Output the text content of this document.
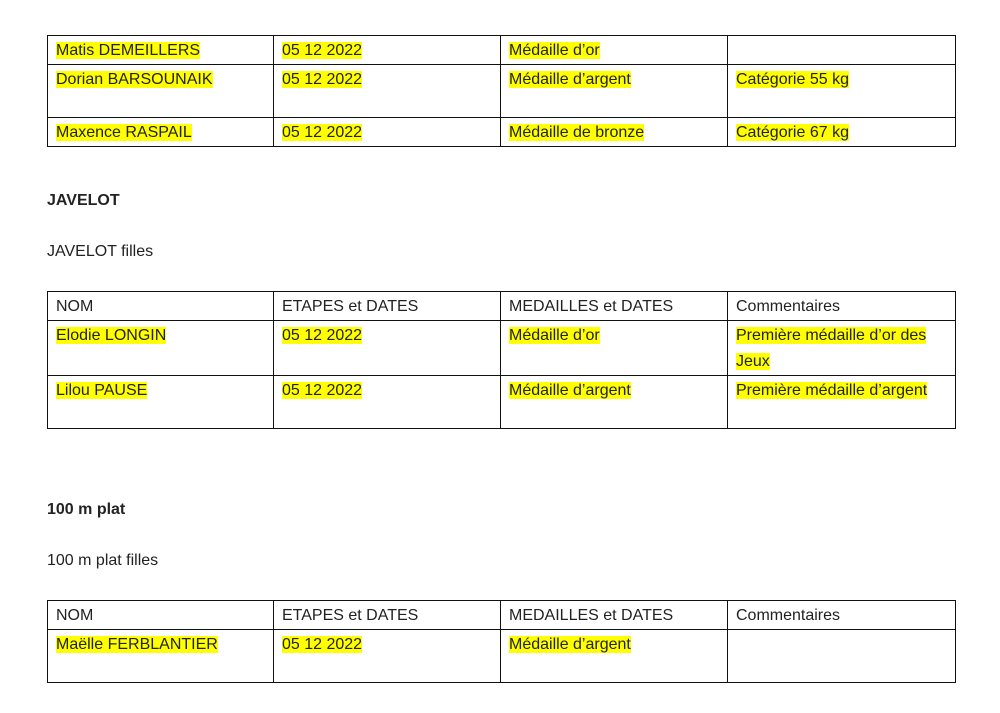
Matis DEMEILLERS	05 12 2022	Médaille d’or	
Dorian BARSOUNAIK	05 12 2022	Médaille d’argent	Catégorie 55 kg
Maxence RASPAIL	05 12 2022	Médaille de bronze	Catégorie 67 kg
JAVELOT
JAVELOT filles
NOM	ETAPES et DATES	MEDAILLES et DATES	Commentaires
Elodie LONGIN	05 12 2022	Médaille d’or	Première médaille d’or des Jeux
Lilou PAUSE	05 12 2022	Médaille d’argent	Première médaille d’argent
100 m plat
100 m plat filles
NOM	ETAPES et DATES	MEDAILLES et DATES	Commentaires
Maëlle FERBLANTIER	05 12 2022	Médaille d’argent	
